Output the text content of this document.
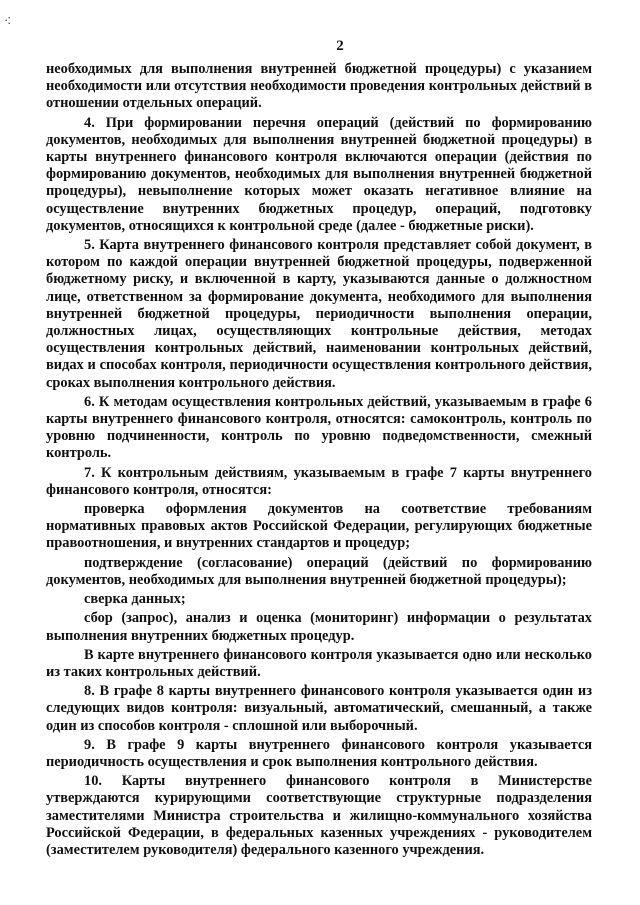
·:
2

необходимых для выполнения внутренней бюджетной процедуры) с указанием необходимости или отсутствия необходимости проведения контрольных действий в отношении отдельных операций.

4. При формировании перечня операций (действий по формированию документов, необходимых для выполнения внутренней бюджетной процедуры) в карты внутреннего финансового контроля включаются операции (действия по формированию документов, необходимых для выполнения внутренней бюджетной процедуры), невыполнение которых может оказать негативное влияние на осуществление внутренних бюджетных процедур, операций, подготовку документов, относящихся к контрольной среде (далее - бюджетные риски).

5. Карта внутреннего финансового контроля представляет собой документ, в котором по каждой операции внутренней бюджетной процедуры, подверженной бюджетному риску, и включенной в карту, указываются данные о должностном лице, ответственном за формирование документа, необходимого для выполнения внутренней бюджетной процедуры, периодичности выполнения операции, должностных лицах, осуществляющих контрольные действия, методах осуществления контрольных действий, наименовании контрольных действий, видах и способах контроля, периодичности осуществления контрольного действия, сроках выполнения контрольного действия.

6. К методам осуществления контрольных действий, указываемым в графе 6 карты внутреннего финансового контроля, относятся: самоконтроль, контроль по уровню подчиненности, контроль по уровню подведомственности, смежный контроль.

7. К контрольным действиям, указываемым в графе 7 карты внутреннего финансового контроля, относятся:

проверка оформления документов на соответствие требованиям нормативных правовых актов Российской Федерации, регулирующих бюджетные правоотношения, и внутренних стандартов и процедур;

подтверждение (согласование) операций (действий по формированию документов, необходимых для выполнения внутренней бюджетной процедуры);

сверка данных;

сбор (запрос), анализ и оценка (мониторинг) информации о результатах выполнения внутренних бюджетных процедур.

В карте внутреннего финансового контроля указывается одно или несколько из таких контрольных действий.

8. В графе 8 карты внутреннего финансового контроля указывается один из следующих видов контроля: визуальный, автоматический, смешанный, а также один из способов контроля - сплошной или выборочный.

9. В графе 9 карты внутреннего финансового контроля указывается периодичность осуществления и срок выполнения контрольного действия.

10. Карты внутреннего финансового контроля в Министерстве утверждаются курирующими соответствующие структурные подразделения заместителями Министра строительства и жилищно-коммунального хозяйства Российской Федерации, в федеральных казенных учреждениях - руководителем (заместителем руководителя) федерального казенного учреждения.
